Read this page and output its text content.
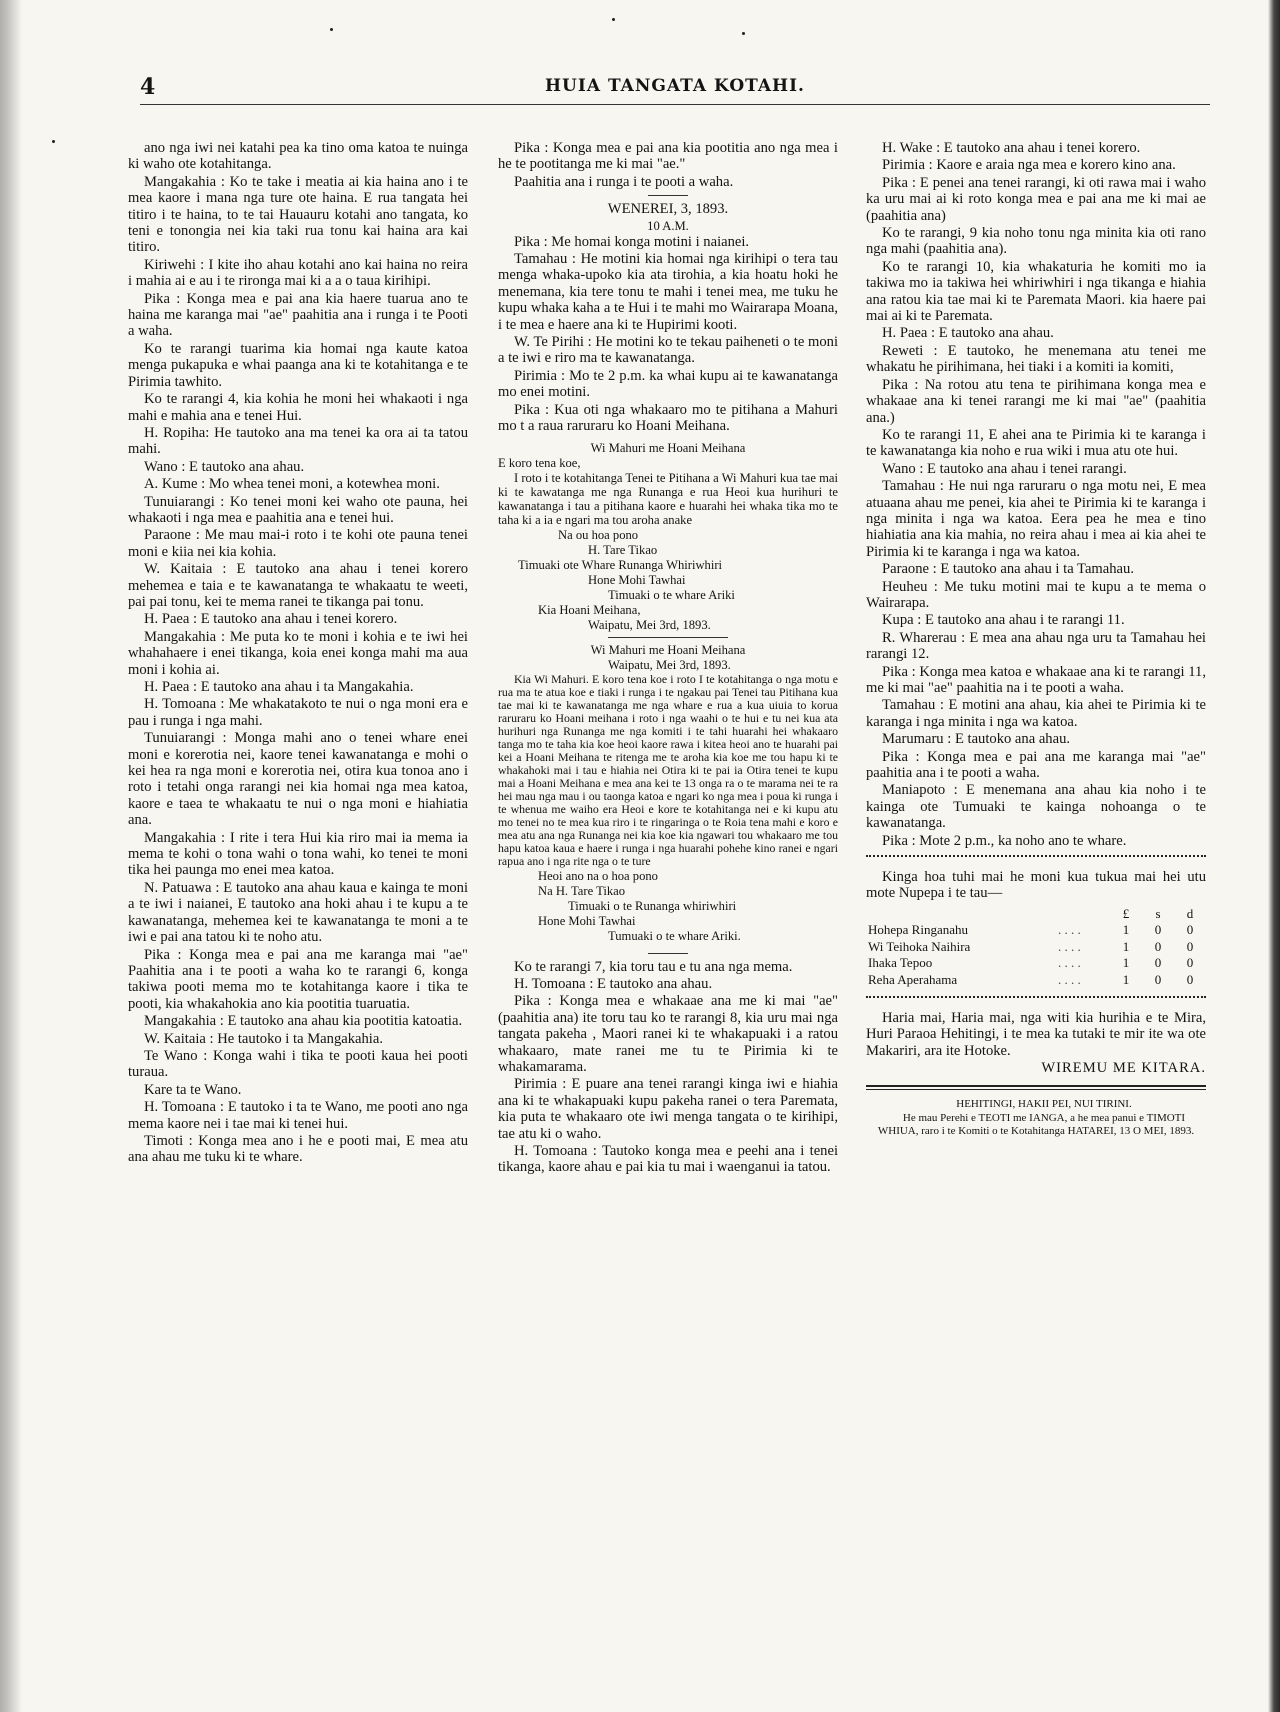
4	HUIA TANGATA KOTAHI.

ano nga iwi nei katahi pea ka tino oma katoa te nuinga ki waho ote kotahitanga.

Mangakahia : Ko te take i meatia ai kia haina ano i te mea kaore i mana nga ture ote haina. E rua tangata hei titiro i te haina, to te tai Hauauru kotahi ano tangata, ko teni e tonongia nei kia taki rua tonu kai haina ara kai titiro.

Kiriwehi : I kite iho ahau kotahi ano kai haina no reira i mahia ai e au i te rironga mai ki a a o taua kirihipi.

Pika : Konga mea e pai ana kia haere tuarua ano te haina me karanga mai "ae" paahitia ana i runga i te Pooti a waha.

Ko te rarangi tuarima kia homai nga kaute katoa menga pukapuka e whai paanga ana ki te kotahitanga e te Pirimia tawhito.

Ko te rarangi 4, kia kohia he moni hei whakaoti i nga mahi e mahia ana e tenei Hui.

H. Ropiha: He tautoko ana ma tenei ka ora ai ta tatou mahi.

Wano : E tautoko ana ahau.

A. Kume : Mo whea tenei moni, a kotewhea moni.

Tunuiarangi : Ko tenei moni kei waho ote pauna, hei whakaoti i nga mea e paahitia ana e tenei hui.

Paraone : Me mau mai-i roto i te kohi ote pauna tenei moni e kiia nei kia kohia.

W. Kaitaia : E tautoko ana ahau i tenei korero mehemea e taia e te kawanatanga te whakaatu te weeti, pai pai tonu, kei te mema ranei te tikanga pai tonu.

H. Paea : E tautoko ana ahau i tenei korero.

Mangakahia : Me puta ko te moni i kohia e te iwi hei whahahaere i enei tikanga, koia enei konga mahi ma aua moni i kohia ai.

H. Paea : E tautoko ana ahau i ta Mangakahia.

H. Tomoana : Me whakatakoto te nui o nga moni era e pau i runga i nga mahi.

Tunuiarangi : Monga mahi ano o tenei whare enei moni e korerotia nei, kaore tenei kawanatanga e mohi o kei hea ra nga moni e korerotia nei, otira kua tonoa ano i roto i tetahi onga rarangi nei kia homai nga mea katoa, kaore e taea te whakaatu te nui o nga moni e hiahiatia ana.

Mangakahia : I rite i tera Hui kia riro mai ia mema ia mema te kohi o tona wahi o tona wahi, ko tenei te moni tika hei paunga mo enei mea katoa.

N. Patuawa : E tautoko ana ahau kaua e kainga te moni a te iwi i naianei, E tautoko ana hoki ahau i te kupu a te kawanatanga, mehemea kei te kawanatanga te moni a te iwi e pai ana tatou ki te noho atu.

Pika : Konga mea e pai ana me karanga mai "ae" Paahitia ana i te pooti a waha ko te rarangi 6, konga takiwa pooti mema mo te kotahitanga kaore i tika te pooti, kia whakahokia ano kia pootitia tuaruatia.

Mangakahia : E tautoko ana ahau kia pootitia katoatia.

W. Kaitaia : He tautoko i ta Mangakahia.

Te Wano : Konga wahi i tika te pooti kaua hei pooti turaua.

Kare ta te Wano.

H. Tomoana : E tautoko i ta te Wano, me pooti ano nga mema kaore nei i tae mai ki tenei hui.

Timoti : Konga mea ano i he e pooti mai, E mea atu ana ahau me tuku ki te whare.

Pika : Konga mea e pai ana kia pootitia ano nga mea i he te pootitanga me ki mai "ae."

Paahitia ana i runga i te pooti a waha.

WENEREI, 3, 1893.

10 A.M.

Pika : Me homai konga motini i naianei.

Tamahau : He motini kia homai nga kirihipi o tera tau menga whaka-upoko kia ata tirohia, a kia hoatu hoki he menemana, kia tere tonu te mahi i tenei mea, me tuku he kupu whaka kaha a te Hui i te mahi mo Wairarapa Moana, i te mea e haere ana ki te Hupirimi kooti.

W. Te Pirihi : He motini ko te tekau paiheneti o te moni a te iwi e riro ma te kawanatanga.

Pirimia : Mo te 2 p.m. ka whai kupu ai te kawanatanga mo enei motini.

Pika : Kua oti nga whakaaro mo te pitihana a Mahuri mo t a raua raruraru ko Hoani Meihana.

Wi Mahuri me Hoani Meihana

E koro tena koe,

I roto i te kotahitanga Tenei te Pitihana a Wi Mahuri kua tae mai ki te kawatanga me nga Runanga e rua Heoi kua hurihuri te kawanatanga i tau a pitihana kaore e huarahi hei whaka tika mo te taha ki a ia e ngari ma tou aroha anake

Na ou hoa pono

H. Tare Tikao

Timuaki ote Whare Runanga Whiriwhiri

Hone Mohi Tawhai

Timuaki o te whare Ariki

Kia Hoani Meihana,

Waipatu, Mei 3rd, 1893.

Wi Mahuri me Hoani Meihana

Waipatu, Mei 3rd, 1893.

Kia Wi Mahuri. E koro tena koe i roto I te kotahitanga o nga motu e rua ma te atua koe e tiaki i runga i te ngakau pai Tenei tau Pitihana kua tae mai ki te kawanatanga me nga whare e rua a kua uiuia to korua raruraru ko Hoani meihana i roto i nga waahi o te hui e tu nei kua ata hurihuri nga Runanga me nga komiti i te tahi huarahi hei whakaaro tanga mo te taha kia koe heoi kaore rawa i kitea heoi ano te huarahi pai kei a Hoani Meihana te ritenga me te aroha kia koe me tou hapu ki te whakahoki mai i tau e hiahia nei Otira ki te pai ia Otira tenei te kupu mai a Hoani Meihana e mea ana kei te 13 onga ra o te marama nei te ra hei mau nga mau i ou taonga katoa e ngari ko nga mea i poua ki runga i te whenua me waiho era Heoi e kore te kotahitanga nei e ki kupu atu mo tenei no te mea kua riro i te ringaringa o te Roia tena mahi e koro e mea atu ana nga Runanga nei kia koe kia ngawari tou whakaaro me tou hapu katoa kaua e haere i runga i nga huarahi pohehe kino ranei e ngari rapua ano i nga rite nga o te ture

Heoi ano na o hoa pono

Na H. Tare Tikao

Timuaki o te Runanga whiriwhiri

Hone Mohi Tawhai

Tumuaki o te whare Ariki.

Ko te rarangi 7, kia toru tau e tu ana nga mema.

H. Tomoana : E tautoko ana ahau.

Pika : Konga mea e whakaae ana me ki mai "ae" (paahitia ana) ite toru tau ko te rarangi 8, kia uru mai nga tangata pakeha , Maori ranei ki te whakapuaki i a ratou whakaaro, mate ranei me tu te Pirimia ki te whakamarama.

Pirimia : E puare ana tenei rarangi kinga iwi e hiahia ana ki te whakapuaki kupu pakeha ranei o tera Paremata, kia puta te whakaaro ote iwi menga tangata o te kirihipi, tae atu ki o waho.

H. Tomoana : Tautoko konga mea e peehi ana i tenei tikanga, kaore ahau e pai kia tu mai i waenganui ia tatou.

H. Wake : E tautoko ana ahau i tenei korero.

Pirimia : Kaore e araia nga mea e korero kino ana.

Pika : E penei ana tenei rarangi, ki oti rawa mai i waho ka uru mai ai ki roto konga mea e pai ana me ki mai ae (paahitia ana)

Ko te rarangi, 9 kia noho tonu nga minita kia oti rano nga mahi (paahitia ana).

Ko te rarangi 10, kia whakaturia he komiti mo ia takiwa mo ia takiwa hei whiriwhiri i nga tikanga e hiahia ana ratou kia tae mai ki te Paremata Maori. kia haere pai mai ai ki te Paremata.

H. Paea : E tautoko ana ahau.

Reweti : E tautoko, he menemana atu tenei me whakatu he pirihimana, hei tiaki i a komiti ia komiti,

Pika : Na rotou atu tena te pirihimana konga mea e whakaae ana ki tenei rarangi me ki mai "ae" (paahitia ana.)

Ko te rarangi 11, E ahei ana te Pirimia ki te karanga i te kawanatanga kia noho e rua wiki i mua atu ote hui.

Wano : E tautoko ana ahau i tenei rarangi.

Tamahau : He nui nga raruraru o nga motu nei, E mea atuaana ahau me penei, kia ahei te Pirimia ki te karanga i nga minita i nga wa katoa. Eera pea he mea e tino hiahiatia ana kia mahia, no reira ahau i mea ai kia ahei te Pirimia ki te karanga i nga wa katoa.

Paraone : E tautoko ana ahau i ta Tamahau.

Heuheu : Me tuku motini mai te kupu a te mema o Wairarapa.

Kupa : E tautoko ana ahau i te rarangi 11.

R. Wharerau : E mea ana ahau nga uru ta Tamahau hei rarangi 12.

Pika : Konga mea katoa e whakaae ana ki te rarangi 11, me ki mai "ae" paahitia na i te pooti a waha.

Tamahau : E motini ana ahau, kia ahei te Pirimia ki te karanga i nga minita i nga wa katoa.

Marumaru : E tautoko ana ahau.

Pika : Konga mea e pai ana me karanga mai "ae" paahitia ana i te pooti a waha.

Maniapoto : E menemana ana ahau kia noho i te kainga ote Tumuaki te kainga nohoanga o te kawanatanga.

Pika : Mote 2 p.m., ka noho ano te whare.

Kinga hoa tuhi mai he moni kua tukua mai hei utu mote Nupepa i te tau—

		£	s	d
Hohepa Ringanahu	. . . .	1	0	0
Wi Teihoka Naihira	. . . .	1	0	0
Ihaka Tepoo	. . . .	1	0	0
Reha Aperahama	. . . .	1	0	0

Haria mai, Haria mai, nga witi kia hurihia e te Mira, Huri Paraoa Hehitingi, i te mea ka tutaki te mir ite wa ote Makariri, ara ite Hotoke.

WIREMU ME KITARA.

HEHITINGI, HAKII PEI, NUI TIRINI.

He mau Perehi e TEOTI me IANGA, a he mea panui e TIMOTI WHIUA, raro i te Komiti o te Kotahitanga HATAREI, 13 O MEI, 1893.
